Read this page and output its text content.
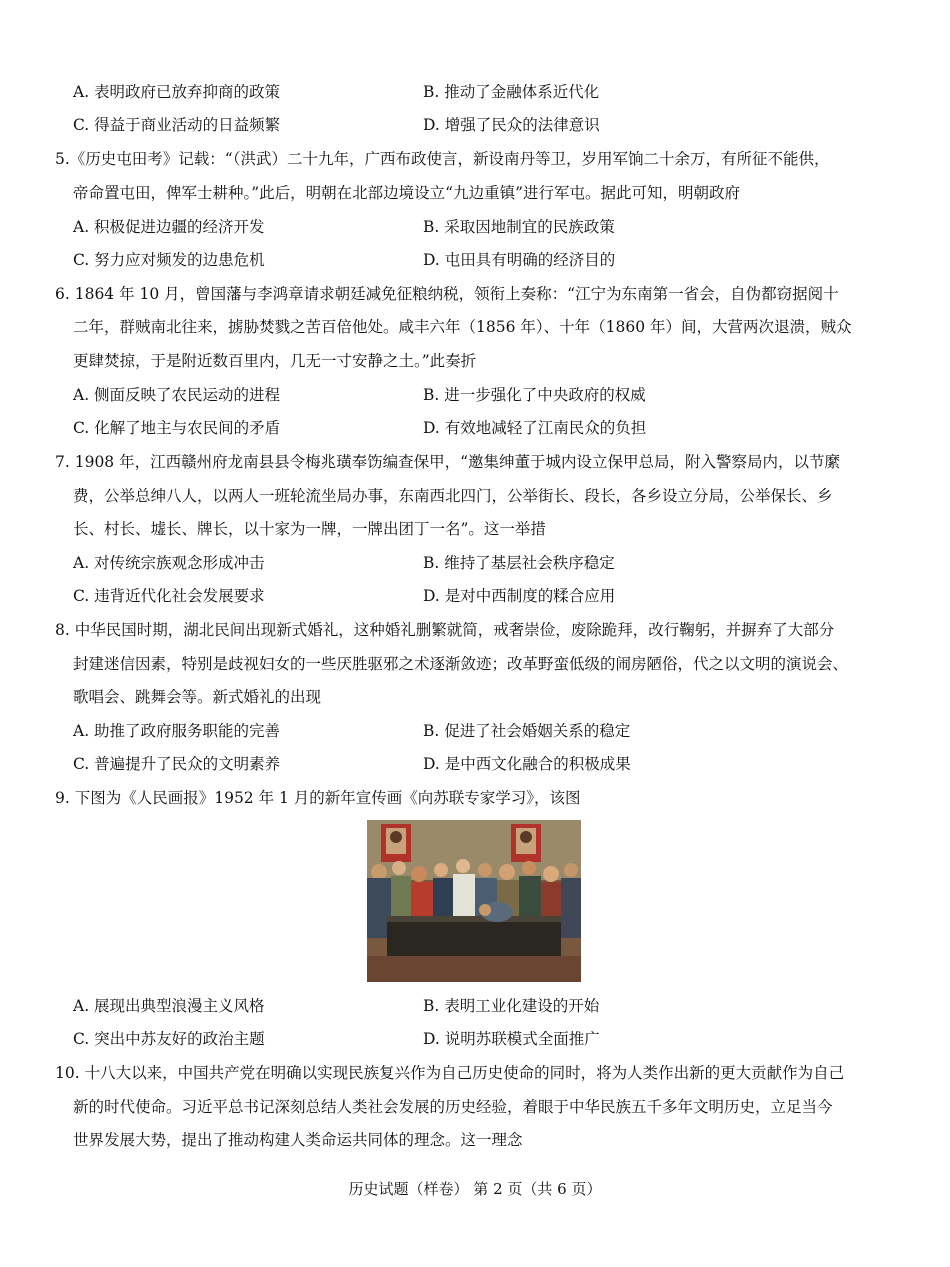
A. 表明政府已放弃抑商的政策	B. 推动了金融体系近代化
C. 得益于商业活动的日益频繁	D. 增强了民众的法律意识
5.《历史屯田考》记载：“（洪武）二十九年，广西布政使言，新设南丹等卫，岁用军饷二十余万，有所征不能供，
帝命置屯田，俾军士耕种。”此后，明朝在北部边境设立“九边重镇”进行军屯。据此可知，明朝政府
A. 积极促进边疆的经济开发	B. 采取因地制宜的民族政策
C. 努力应对频发的边患危机	D. 屯田具有明确的经济目的
6. 1864 年 10 月，曾国藩与李鸿章请求朝廷减免征粮纳税，领衔上奏称：“江宁为东南第一省会，自伪都窃据阅十
二年，群贼南北往来，掳胁焚戮之苦百倍他处。咸丰六年（1856 年）、十年（1860 年）间，大营两次退溃，贼众
更肆焚掠，于是附近数百里内，几无一寸安静之土。”此奏折
A. 侧面反映了农民运动的进程	B. 进一步强化了中央政府的权威
C. 化解了地主与农民间的矛盾	D. 有效地减轻了江南民众的负担
7. 1908 年，江西赣州府龙南县县令梅兆璜奉饬编查保甲，“邀集绅董于城内设立保甲总局，附入警察局内，以节縻
费，公举总绅八人，以两人一班轮流坐局办事，东南西北四门，公举街长、段长，各乡设立分局，公举保长、乡
长、村长、墟长、牌长，以十家为一牌，一牌出团丁一名”。这一举措
A. 对传统宗族观念形成冲击	B. 维持了基层社会秩序稳定
C. 违背近代化社会发展要求	D. 是对中西制度的糅合应用
8. 中华民国时期，湖北民间出现新式婚礼，这种婚礼删繁就简，戒奢崇俭，废除跪拜，改行鞠躬，并摒弃了大部分
封建迷信因素，特别是歧视妇女的一些厌胜驱邪之术逐渐敛迹；改革野蛮低级的闹房陋俗，代之以文明的演说会、
歌唱会、跳舞会等。新式婚礼的出现
A. 助推了政府服务职能的完善	B. 促进了社会婚姻关系的稳定
C. 普遍提升了民众的文明素养	D. 是中西文化融合的积极成果
9. 下图为《人民画报》1952 年 1 月的新年宣传画《向苏联专家学习》，该图
A. 展现出典型浪漫主义风格	B. 表明工业化建设的开始
C. 突出中苏友好的政治主题	D. 说明苏联模式全面推广
10. 十八大以来，中国共产党在明确以实现民族复兴作为自己历史使命的同时，将为人类作出新的更大贡献作为自己
新的时代使命。习近平总书记深刻总结人类社会发展的历史经验，着眼于中华民族五千多年文明历史，立足当今
世界发展大势，提出了推动构建人类命运共同体的理念。这一理念
历史试题（样卷） 第 2 页（共 6 页）
